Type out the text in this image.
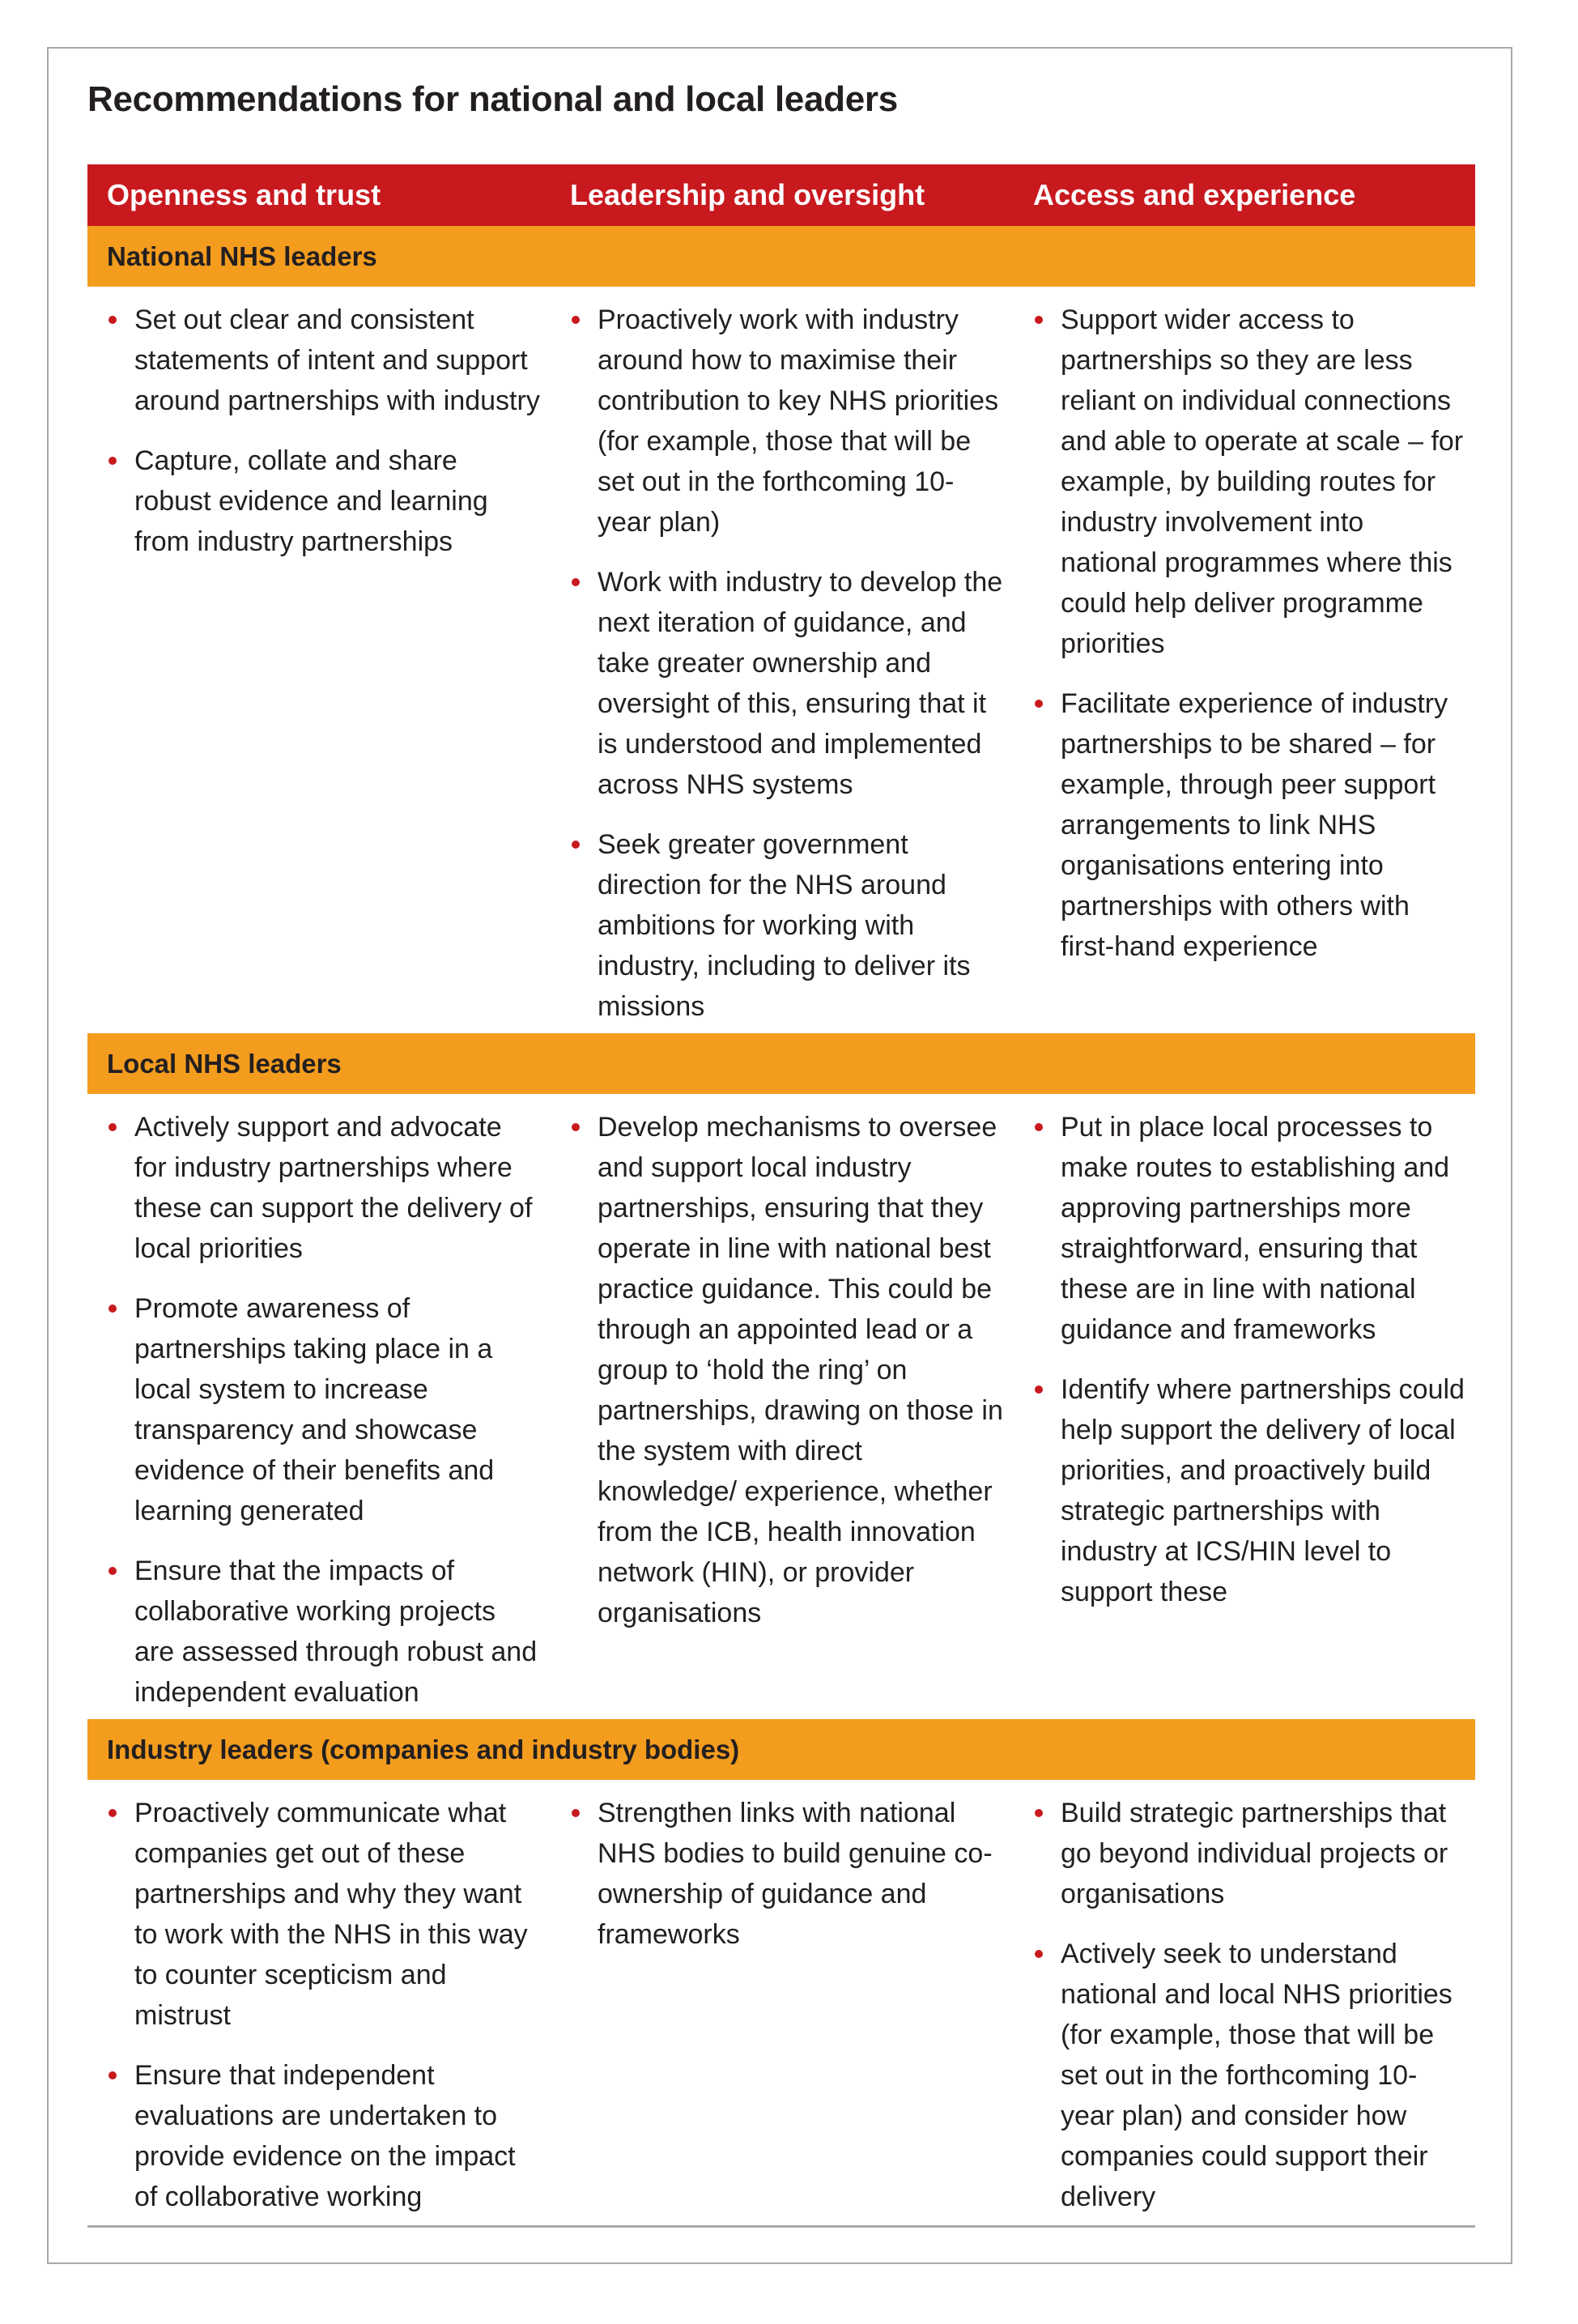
Recommendations for national and local leaders
Openness and trust	Leadership and oversight	Access and experience
National NHS leaders
Set out clear and consistent statements of intent and support around partnerships with industry
Capture, collate and share robust evidence and learning from industry partnerships
Proactively work with industry around how to maximise their contribution to key NHS priorities (for example, those that will be set out in the forthcoming 10-year plan)
Work with industry to develop the next iteration of guidance, and take greater ownership and oversight of this, ensuring that it is understood and implemented across NHS systems
Seek greater government direction for the NHS around ambitions for working with industry, including to deliver its missions
Support wider access to partnerships so they are less reliant on individual connections and able to operate at scale – for example, by building routes for industry involvement into national programmes where this could help deliver programme priorities
Facilitate experience of industry partnerships to be shared – for example, through peer support arrangements to link NHS organisations entering into partnerships with others with first-hand experience
Local NHS leaders
Actively support and advocate for industry partnerships where these can support the delivery of local priorities
Promote awareness of partnerships taking place in a local system to increase transparency and showcase evidence of their benefits and learning generated
Ensure that the impacts of collaborative working projects are assessed through robust and independent evaluation
Develop mechanisms to oversee and support local industry partnerships, ensuring that they operate in line with national best practice guidance. This could be through an appointed lead or a group to ‘hold the ring’ on partnerships, drawing on those in the system with direct knowledge/ experience, whether from the ICB, health innovation network (HIN), or provider organisations
Put in place local processes to make routes to establishing and approving partnerships more straightforward, ensuring that these are in line with national guidance and frameworks
Identify where partnerships could help support the delivery of local priorities, and proactively build strategic partnerships with industry at ICS/HIN level to support these
Industry leaders (companies and industry bodies)
Proactively communicate what companies get out of these partnerships and why they want to work with the NHS in this way to counter scepticism and mistrust
Ensure that independent evaluations are undertaken to provide evidence on the impact of collaborative working
Strengthen links with national NHS bodies to build genuine co-ownership of guidance and frameworks
Build strategic partnerships that go beyond individual projects or organisations
Actively seek to understand national and local NHS priorities (for example, those that will be set out in the forthcoming 10-year plan) and consider how companies could support their delivery
